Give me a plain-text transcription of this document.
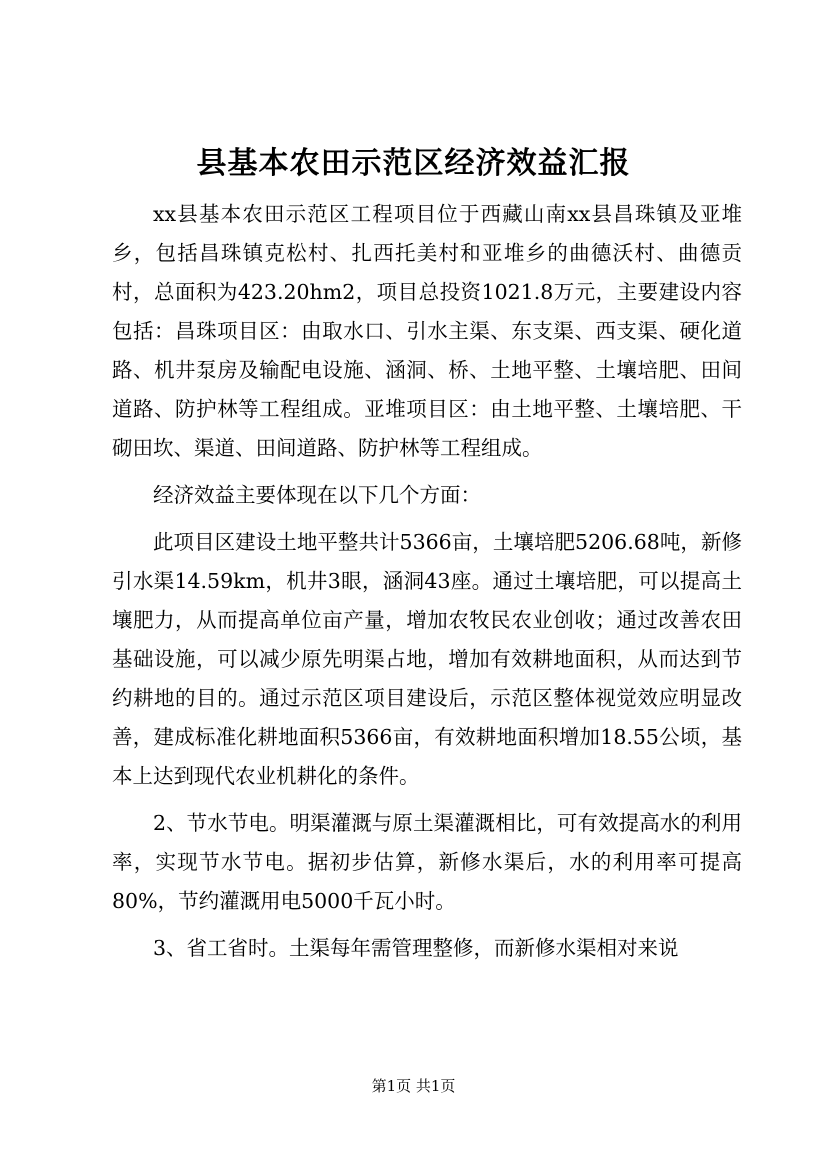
县基本农田示范区经济效益汇报

xx县基本农田示范区工程项目位于西藏山南xx县昌珠镇及亚堆乡，包括昌珠镇克松村、扎西托美村和亚堆乡的曲德沃村、曲德贡村，总面积为423.20hm2，项目总投资1021.8万元，主要建设内容包括：昌珠项目区：由取水口、引水主渠、东支渠、西支渠、硬化道路、机井泵房及输配电设施、涵洞、桥、土地平整、土壤培肥、田间道路、防护林等工程组成。亚堆项目区：由土地平整、土壤培肥、干砌田坎、渠道、田间道路、防护林等工程组成。

经济效益主要体现在以下几个方面：

此项目区建设土地平整共计5366亩，土壤培肥5206.68吨，新修引水渠14.59km，机井3眼，涵洞43座。通过土壤培肥，可以提高土壤肥力，从而提高单位亩产量，增加农牧民农业创收；通过改善农田基础设施，可以减少原先明渠占地，增加有效耕地面积，从而达到节约耕地的目的。通过示范区项目建设后，示范区整体视觉效应明显改善，建成标准化耕地面积5366亩，有效耕地面积增加18.55公顷，基本上达到现代农业机耕化的条件。

2、节水节电。明渠灌溉与原土渠灌溉相比，可有效提高水的利用率，实现节水节电。据初步估算，新修水渠后，水的利用率可提高80%，节约灌溉用电5000千瓦小时。

3、省工省时。土渠每年需管理整修，而新修水渠相对来说

第1页 共1页
